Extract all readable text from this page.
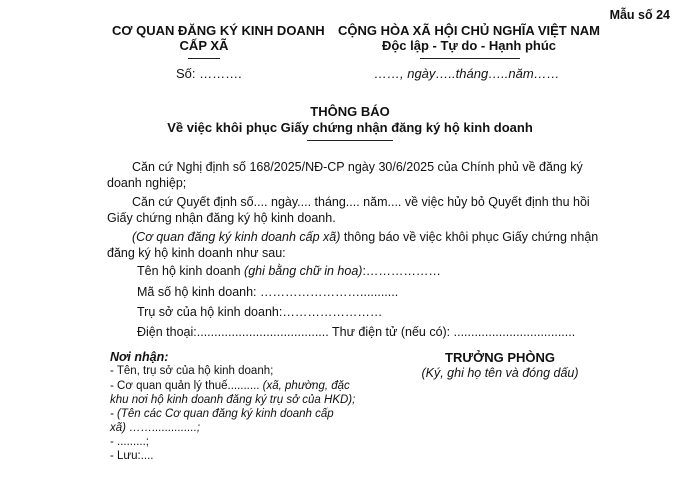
Mẫu số 24
CƠ QUAN ĐĂNG KÝ KINH DOANH
CẤP XÃ
Số: ……….
CỘNG HÒA XÃ HỘI CHỦ NGHĨA VIỆT NAM
Độc lập - Tự do - Hạnh phúc
……, ngày…..tháng…..năm……
THÔNG BÁO
Về việc khôi phục Giấy chứng nhận đăng ký hộ kinh doanh
Căn cứ Nghị định số 168/2025/NĐ-CP ngày 30/6/2025 của Chính phủ về đăng ký
doanh nghiệp;
Căn cứ Quyết định số.... ngày.... tháng.... năm.... về việc hủy bỏ Quyết định thu hồi
Giấy chứng nhận đăng ký hộ kinh doanh.
(Cơ quan đăng ký kinh doanh cấp xã) thông báo về việc khôi phục Giấy chứng nhận
đăng ký hộ kinh doanh như sau:
Tên hộ kinh doanh (ghi bằng chữ in hoa):………………
Mã số hộ kinh doanh: ……………………...........
Trụ sở của hộ kinh doanh:……………………
Điện thoại:...................................... Thư điện tử (nếu có): ...................................
Nơi nhận:
- Tên, trụ sở của hộ kinh doanh;
- Cơ quan quản lý thuế.......... (xã, phường, đặc
khu nơi hộ kinh doanh đăng ký trụ sở của HKD);
- (Tên các Cơ quan đăng ký kinh doanh cấp
xã) ……..............;
- .........;
- Lưu:....
TRƯỞNG PHÒNG
(Ký, ghi họ tên và đóng dấu)
